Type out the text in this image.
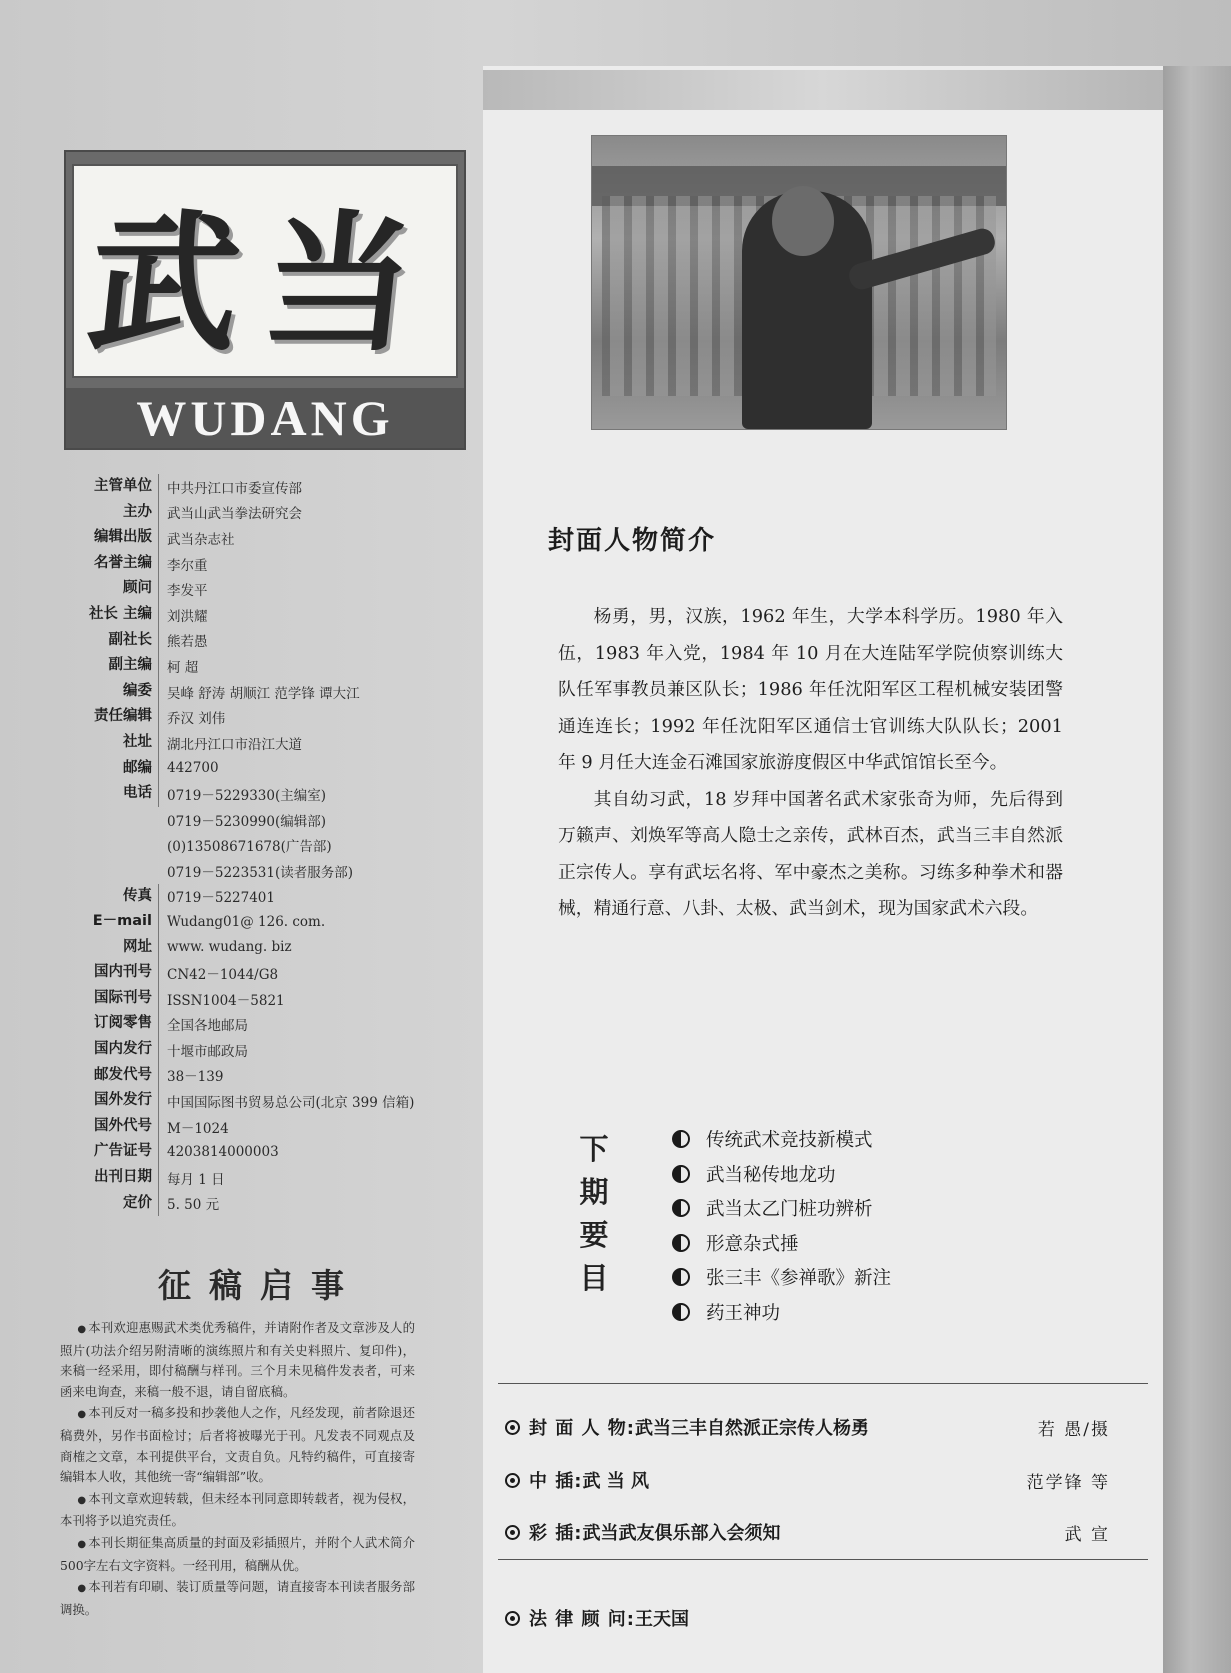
武当
WUDANG
主管单位	中共丹江口市委宣传部
主办	武当山武当拳法研究会
编辑出版	武当杂志社
名誉主编	李尔重
顾问	李发平
社长 主编	刘洪耀
副社长	熊若愚
副主编	柯 超
编委	吴峰 舒涛 胡顺江 范学锋 谭大江
责任编辑	乔汉 刘伟
社址	湖北丹江口市沿江大道
邮编	442700
电话	0719－5229330(主编室)
0719－5230990(编辑部)
(0)13508671678(广告部)
0719－5223531(读者服务部)
传真	0719－5227401
E－mail	Wudang01@ 126. com.
网址	www. wudang. biz
国内刊号	CN42－1044/G8
国际刊号	ISSN1004－5821
订阅零售	全国各地邮局
国内发行	十堰市邮政局
邮发代号	38－139
国外发行	中国国际图书贸易总公司(北京 399 信箱)
国外代号	M－1024
广告证号	4203814000003
出刊日期	每月 1 日
定价	5. 50 元
征稿启事

● 本刊欢迎惠赐武术类优秀稿件，并请附作者及文章涉及人的照片(功法介绍另附清晰的演练照片和有关史料照片、复印件)，来稿一经采用，即付稿酬与样刊。三个月未见稿件发表者，可来函来电询查，来稿一般不退，请自留底稿。

● 本刊反对一稿多投和抄袭他人之作，凡经发现，前者除退还稿费外，另作书面检讨；后者将被曝光于刊。凡发表不同观点及商榷之文章，本刊提供平台，文责自负。凡特约稿件，可直接寄编辑本人收，其他统一寄“编辑部”收。

● 本刊文章欢迎转载，但未经本刊同意即转载者，视为侵权，本刊将予以追究责任。

● 本刊长期征集高质量的封面及彩插照片，并附个人武术简介500字左右文字资料。一经刊用，稿酬从优。

● 本刊若有印刷、装订质量等问题，请直接寄本刊读者服务部调换。

封面人物简介

杨勇，男，汉族，1962 年生，大学本科学历。1980 年入伍，1983 年入党，1984 年 10 月在大连陆军学院侦察训练大队任军事教员兼区队长；1986 年任沈阳军区工程机械安装团警通连连长；1992 年任沈阳军区通信士官训练大队队长；2001 年 9 月任大连金石滩国家旅游度假区中华武馆馆长至今。

其自幼习武，18 岁拜中国著名武术家张奇为师，先后得到万籁声、刘焕军等高人隐士之亲传，武林百杰，武当三丰自然派正宗传人。享有武坛名将、军中豪杰之美称。习练多种拳术和器械，精通行意、八卦、太极、武当剑术，现为国家武术六段。

下
期
要
目
传统武术竞技新模式
武当秘传地龙功
武当太乙门桩功辨析
形意杂式捶
张三丰《参禅歌》新注
药王神功
封 面 人 物: 武当三丰自然派正宗传人杨勇	若 愚/摄
中 插: 武 当 风	范学锋 等
彩 插: 武当武友俱乐部入会须知	武 宣
法 律 顾 问: 王天国
